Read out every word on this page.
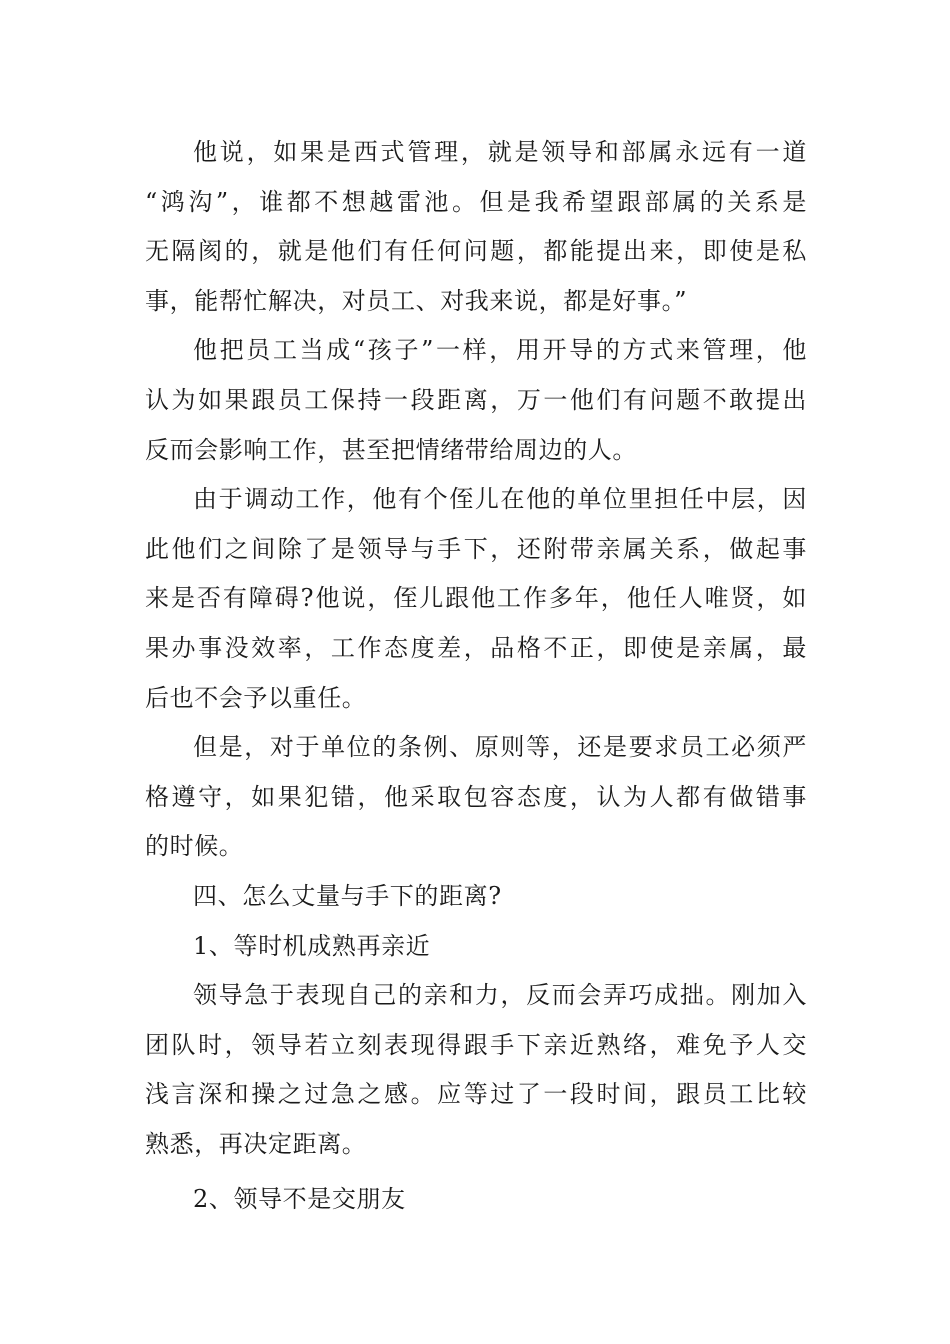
他说，如果是西式管理，就是领导和部属永远有一道
“鸿沟”，谁都不想越雷池。但是我希望跟部属的关系是
无隔阂的，就是他们有任何问题，都能提出来，即使是私
事，能帮忙解决，对员工、对我来说，都是好事。”
他把员工当成“孩子”一样，用开导的方式来管理，他
认为如果跟员工保持一段距离，万一他们有问题不敢提出
反而会影响工作，甚至把情绪带给周边的人。
由于调动工作，他有个侄儿在他的单位里担任中层，因
此他们之间除了是领导与手下，还附带亲属关系，做起事
来是否有障碍?他说，侄儿跟他工作多年，他任人唯贤，如
果办事没效率，工作态度差，品格不正，即使是亲属，最
后也不会予以重任。
但是，对于单位的条例、原则等，还是要求员工必须严
格遵守，如果犯错，他采取包容态度，认为人都有做错事
的时候。
四、怎么丈量与手下的距离?
1、等时机成熟再亲近
领导急于表现自己的亲和力，反而会弄巧成拙。刚加入
团队时，领导若立刻表现得跟手下亲近熟络，难免予人交
浅言深和操之过急之感。应等过了一段时间，跟员工比较
熟悉，再决定距离。
2、领导不是交朋友
